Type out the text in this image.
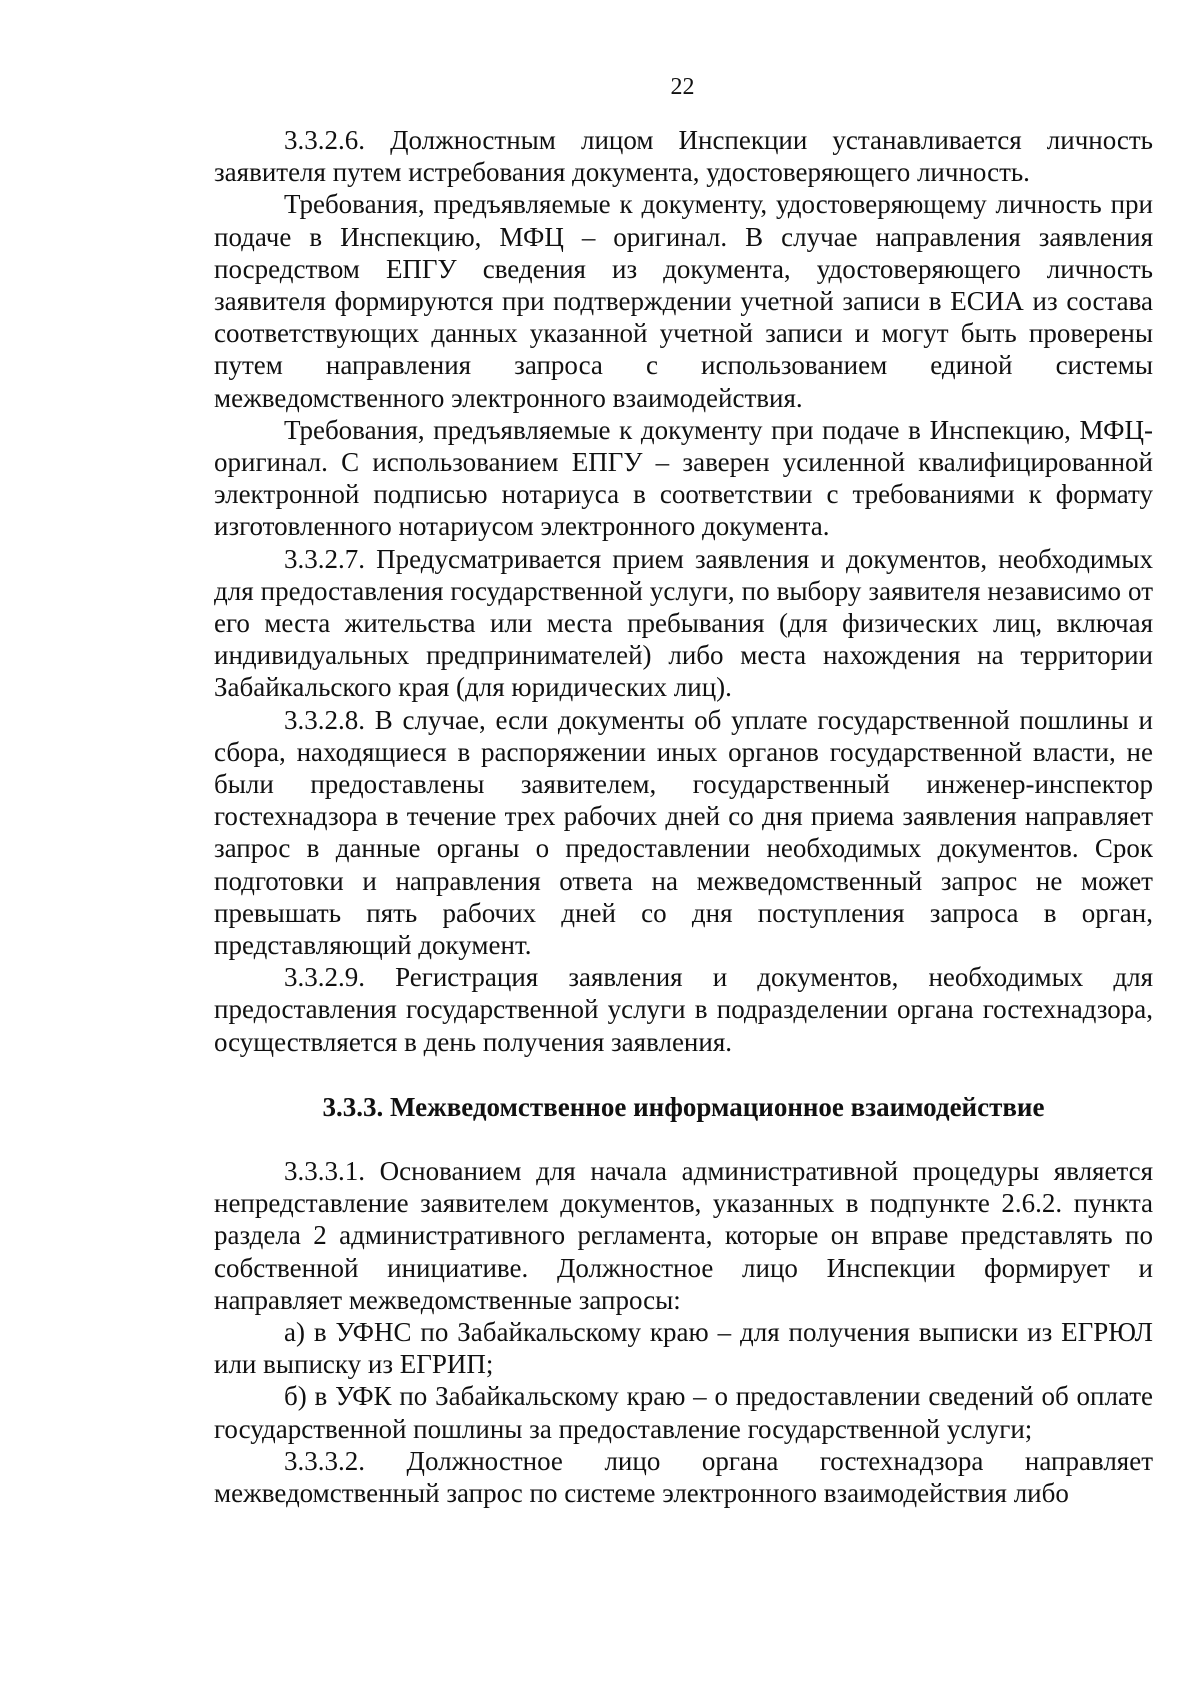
22

3.3.2.6. Должностным лицом Инспекции устанавливается личность заявителя путем истребования документа, удостоверяющего личность.

Требования, предъявляемые к документу, удостоверяющему личность при подаче в Инспекцию, МФЦ – оригинал. В случае направления заявления посредством ЕПГУ сведения из документа, удостоверяющего личность заявителя формируются при подтверждении учетной записи в ЕСИА из состава соответствующих данных указанной учетной записи и могут быть проверены путем направления запроса с использованием единой системы межведомственного электронного взаимодействия.

Требования, предъявляемые к документу при подаче в Инспекцию, МФЦ- оригинал. С использованием ЕПГУ – заверен усиленной квалифицированной электронной подписью нотариуса в соответствии с требованиями к формату изготовленного нотариусом электронного документа.

3.3.2.7. Предусматривается прием заявления и документов, необходимых для предоставления государственной услуги, по выбору заявителя независимо от его места жительства или места пребывания (для физических лиц, включая индивидуальных предпринимателей) либо места нахождения на территории Забайкальского края (для юридических лиц).

3.3.2.8. В случае, если документы об уплате государственной пошлины и сбора, находящиеся в распоряжении иных органов государственной власти, не были предоставлены заявителем, государственный инженер-инспектор гостехнадзора в течение трех рабочих дней со дня приема заявления направляет запрос в данные органы о предоставлении необходимых документов. Срок подготовки и направления ответа на межведомственный запрос не может превышать пять рабочих дней со дня поступления запроса в орган, представляющий документ.

3.3.2.9. Регистрация заявления и документов, необходимых для предоставления государственной услуги в подразделении органа гостехнадзора, осуществляется в день получения заявления.

3.3.3. Межведомственное информационное взаимодействие

3.3.3.1. Основанием для начала административной процедуры является непредставление заявителем документов, указанных в подпункте 2.6.2. пункта раздела 2 административного регламента, которые он вправе представлять по собственной инициативе. Должностное лицо Инспекции формирует и направляет межведомственные запросы:

а) в УФНС по Забайкальскому краю – для получения выписки из ЕГРЮЛ или выписку из ЕГРИП;

б) в УФК по Забайкальскому краю – о предоставлении сведений об оплате государственной пошлины за предоставление государственной услуги;

3.3.3.2. Должностное лицо органа гостехнадзора направляет межведомственный запрос по системе электронного взаимодействия либо
